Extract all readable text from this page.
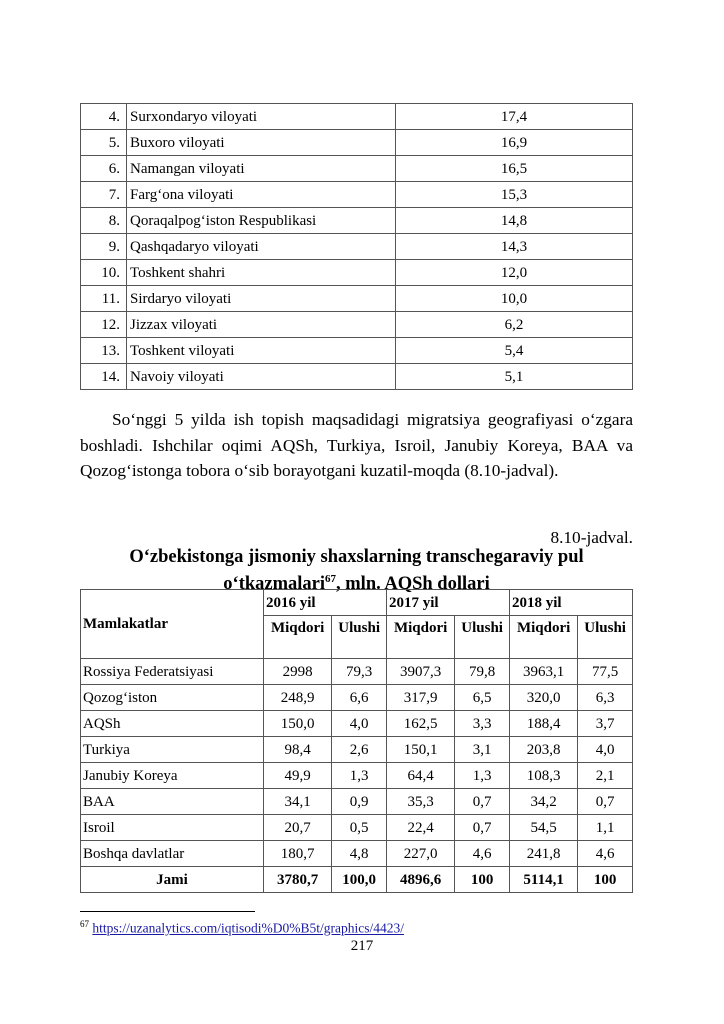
4.	Surxondaryo viloyati	17,4
5.	Buxoro viloyati	16,9
6.	Namangan viloyati	16,5
7.	Farg‘ona viloyati	15,3
8.	Qoraqalpog‘iston Respublikasi	14,8
9.	Qashqadaryo viloyati	14,3
10.	Toshkent shahri	12,0
11.	Sirdaryo viloyati	10,0
12.	Jizzax viloyati	6,2
13.	Toshkent viloyati	5,4
14.	Navoiy viloyati	5,1

So‘nggi 5 yilda ish topish maqsadidagi migratsiya geografiyasi o‘zgara boshladi. Ishchilar oqimi AQSh, Turkiya, Isroil, Janubiy Koreya, BAA va Qozog‘istonga tobora o‘sib borayotgani kuzatil-moqda (8.10-jadval).

8.10-jadval.
O‘zbekistonga jismoniy shaxslarning transchegaraviy pul
o‘tkazmalari$^{67}$, mln. AQSh dollari
Mamlakatlar	2016 yil		2017 yil		2018 yil	
	Miqdori	Ulushi	Miqdori	Ulushi	Miqdori	Ulushi
Rossiya Federatsiyasi	2998	79,3	3907,3	79,8	3963,1	77,5
Qozog‘iston	248,9	6,6	317,9	6,5	320,0	6,3
AQSh	150,0	4,0	162,5	3,3	188,4	3,7
Turkiya	98,4	2,6	150,1	3,1	203,8	4,0
Janubiy Koreya	49,9	1,3	64,4	1,3	108,3	2,1
BAA	34,1	0,9	35,3	0,7	34,2	0,7
Isroil	20,7	0,5	22,4	0,7	54,5	1,1
Boshqa davlatlar	180,7	4,8	227,0	4,6	241,8	4,6
Jami	3780,7	100,0	4896,6	100	5114,1	100
$^{67}$ https://uzanalytics.com/iqtisodi%D0%B5t/graphics/4423/
217
